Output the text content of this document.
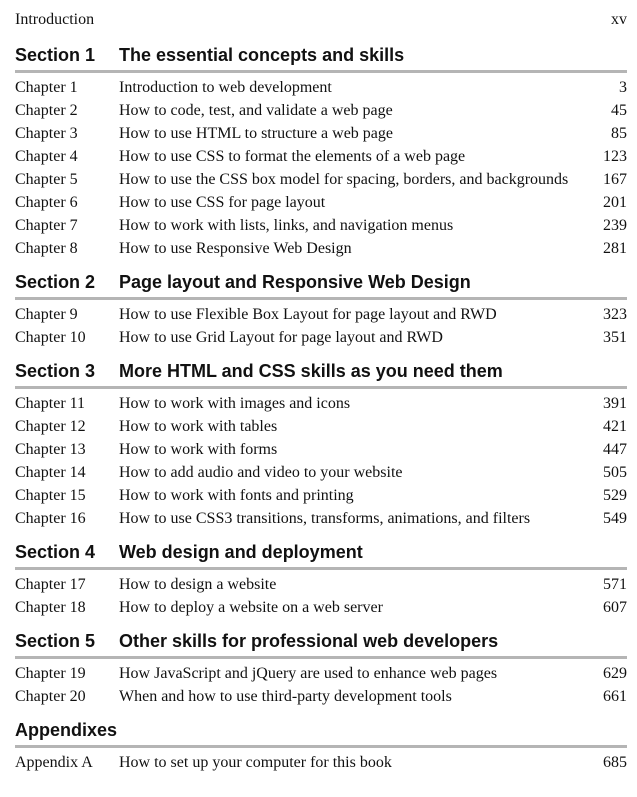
Introduction	xv
Section 1	The essential concepts and skills
Chapter 1	Introduction to web development	3
Chapter 2	How to code, test, and validate a web page	45
Chapter 3	How to use HTML to structure a web page	85
Chapter 4	How to use CSS to format the elements of a web page	123
Chapter 5	How to use the CSS box model for spacing, borders, and backgrounds	167
Chapter 6	How to use CSS for page layout	201
Chapter 7	How to work with lists, links, and navigation menus	239
Chapter 8	How to use Responsive Web Design	281
Section 2	Page layout and Responsive Web Design
Chapter 9	How to use Flexible Box Layout for page layout and RWD	323
Chapter 10	How to use Grid Layout for page layout and RWD	351
Section 3	More HTML and CSS skills as you need them
Chapter 11	How to work with images and icons	391
Chapter 12	How to work with tables	421
Chapter 13	How to work with forms	447
Chapter 14	How to add audio and video to your website	505
Chapter 15	How to work with fonts and printing	529
Chapter 16	How to use CSS3 transitions, transforms, animations, and filters	549
Section 4	Web design and deployment
Chapter 17	How to design a website	571
Chapter 18	How to deploy a website on a web server	607
Section 5	Other skills for professional web developers
Chapter 19	How JavaScript and jQuery are used to enhance web pages	629
Chapter 20	When and how to use third-party development tools	661
Appendixes
Appendix A	How to set up your computer for this book	685
